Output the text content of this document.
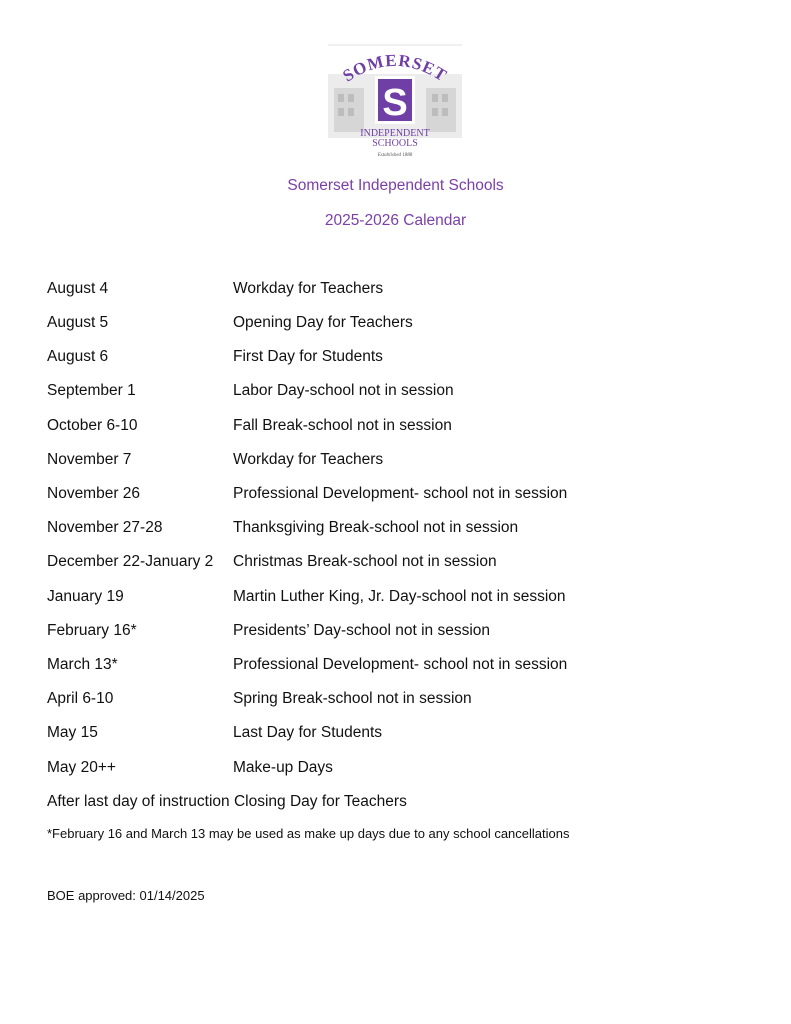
SOMERSET
S
INDEPENDENT
SCHOOLS
Established 1888
Somerset Independent Schools
2025-2026 Calendar
August 4	Workday for Teachers
August 5	Opening Day for Teachers
August 6	First Day for Students
September 1	Labor Day-school not in session
October 6-10	Fall Break-school not in session
November 7	Workday for Teachers
November 26	Professional Development- school not in session
November 27-28	Thanksgiving Break-school not in session
December 22-January 2 Christmas Break-school not in session
January 19	Martin Luther King, Jr. Day-school not in session
February 16*	Presidents’ Day-school not in session
March 13*	Professional Development- school not in session
April 6-10	Spring Break-school not in session
May 15	Last Day for Students
May 20++	Make-up Days
After last day of instruction Closing Day for Teachers
*February 16 and March 13 may be used as make up days due to any school cancellations
BOE approved: 01/14/2025
